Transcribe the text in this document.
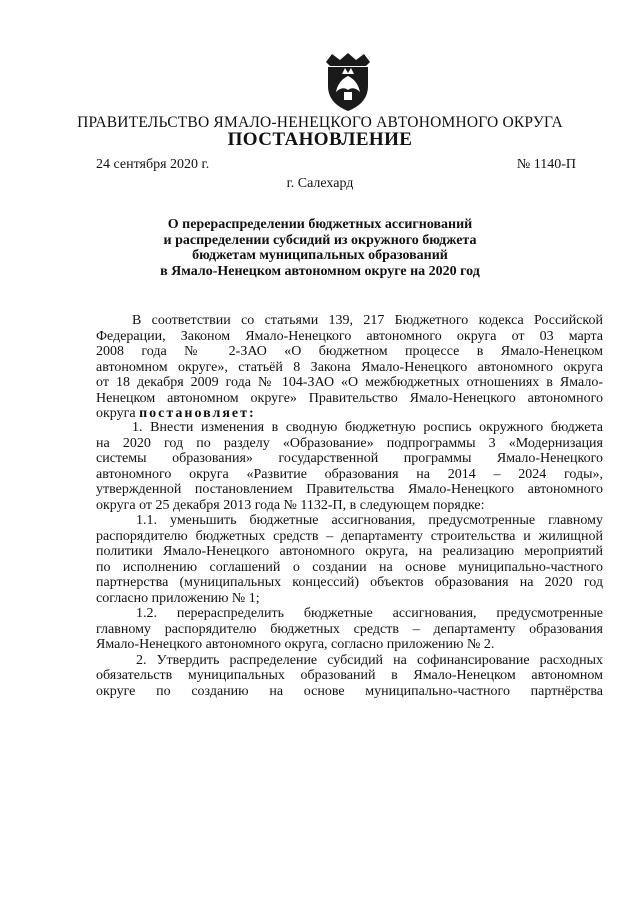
ПРАВИТЕЛЬСТВО ЯМАЛО-НЕНЕЦКОГО АВТОНОМНОГО ОКРУГА
ПОСТАНОВЛЕНИЕ
24 сентября 2020 г.	№ 1140-П
г. Салехард
О перераспределении бюджетных ассигнований
и распределении субсидий из окружного бюджета
бюджетам муниципальных образований
в Ямало-Ненецком автономном округе на 2020 год
В соответствии со статьями 139, 217 Бюджетного кодекса Российской
Федерации, Законом Ямало-Ненецкого автономного округа от 03 марта
2008 года № 2-ЗАО «О бюджетном процессе в Ямало-Ненецком
автономном округе», статьёй 8 Закона Ямало-Ненецкого автономного округа
от 18 декабря 2009 года № 104-ЗАО «О межбюджетных отношениях в Ямало-
Ненецком автономном округе» Правительство Ямало-Ненецкого автономного
округа постановляет:
1. Внести изменения в сводную бюджетную роспись окружного бюджета
на 2020 год по разделу «Образование» подпрограммы 3 «Модернизация
системы образования» государственной программы Ямало-Ненецкого
автономного округа «Развитие образования на 2014 – 2024 годы»,
утвержденной постановлением Правительства Ямало-Ненецкого автономного
округа от 25 декабря 2013 года № 1132-П, в следующем порядке:
1.1. уменьшить бюджетные ассигнования, предусмотренные главному
распорядителю бюджетных средств – департаменту строительства и жилищной
политики Ямало-Ненецкого автономного округа, на реализацию мероприятий
по исполнению соглашений о создании на основе муниципально-частного
партнерства (муниципальных концессий) объектов образования на 2020 год
согласно приложению № 1;
1.2. перераспределить бюджетные ассигнования, предусмотренные
главному распорядителю бюджетных средств – департаменту образования
Ямало-Ненецкого автономного округа, согласно приложению № 2.
2. Утвердить распределение субсидий на софинансирование расходных
обязательств муниципальных образований в Ямало-Ненецком автономном
округе по созданию на основе муниципально-частного партнёрства
